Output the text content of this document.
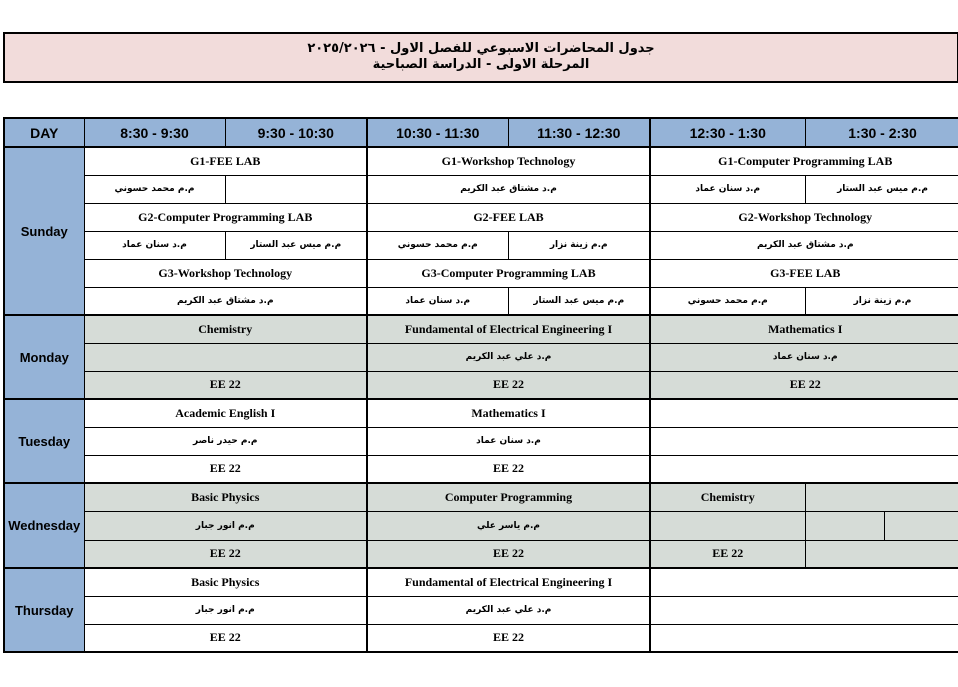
جدول المحاضرات الاسبوعي للفصل الاول - ٢٠٢٥/٢٠٢٦
المرحلة الاولى - الدراسة الصباحية
DAY	8:30 - 9:30	9:30 - 10:30	10:30 - 11:30	11:30 - 12:30	12:30 - 1:30	1:30 - 2:30
Sunday	G1-FEE LAB		G1-Workshop Technology		G1-Computer Programming LAB	
	م.م محمد حسوني		م.د مشتاق عبد الكريم		م.د سنان عماد	م.م ميس عبد الستار
	G2-Computer Programming LAB		G2-FEE LAB		G2-Workshop Technology	
	م.د سنان عماد	م.م ميس عبد الستار	م.م محمد حسوني	م.م زينة نزار	م.د مشتاق عبد الكريم	
	G3-Workshop Technology		G3-Computer Programming LAB		G3-FEE LAB	
	م.د مشتاق عبد الكريم		م.د سنان عماد	م.م ميس عبد الستار	م.م محمد حسوني	م.م زينة نزار
Monday	Chemistry		Fundamental of Electrical Engineering I		Mathematics I	
			م.د علي عبد الكريم		م.د سنان عماد	
	EE 22		EE 22		EE 22	
Tuesday	Academic English I		Mathematics I			
	م.م حيدر ناصر		م.د سنان عماد			
	EE 22		EE 22			
Wednesday	Basic Physics		Computer Programming		Chemistry	
	م.م انور جبار		م.م ياسر علي			

	EE 22		EE 22		EE 22	
Thursday	Basic Physics		Fundamental of Electrical Engineering I			
	م.م انور جبار		م.د علي عبد الكريم			
	EE 22		EE 22			
